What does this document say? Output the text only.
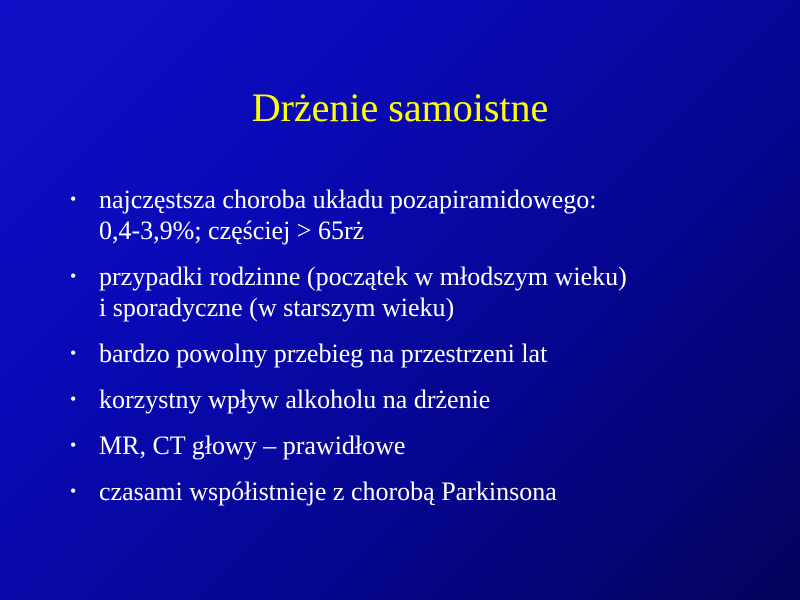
Drżenie samoistne
• najczęstsza choroba układu pozapiramidowego:
0,4-3,9%; częściej > 65rż
• przypadki rodzinne (początek w młodszym wieku)
i sporadyczne (w starszym wieku)
• bardzo powolny przebieg na przestrzeni lat
• korzystny wpływ alkoholu na drżenie
• MR, CT głowy – prawidłowe
• czasami współistnieje z chorobą Parkinsona
